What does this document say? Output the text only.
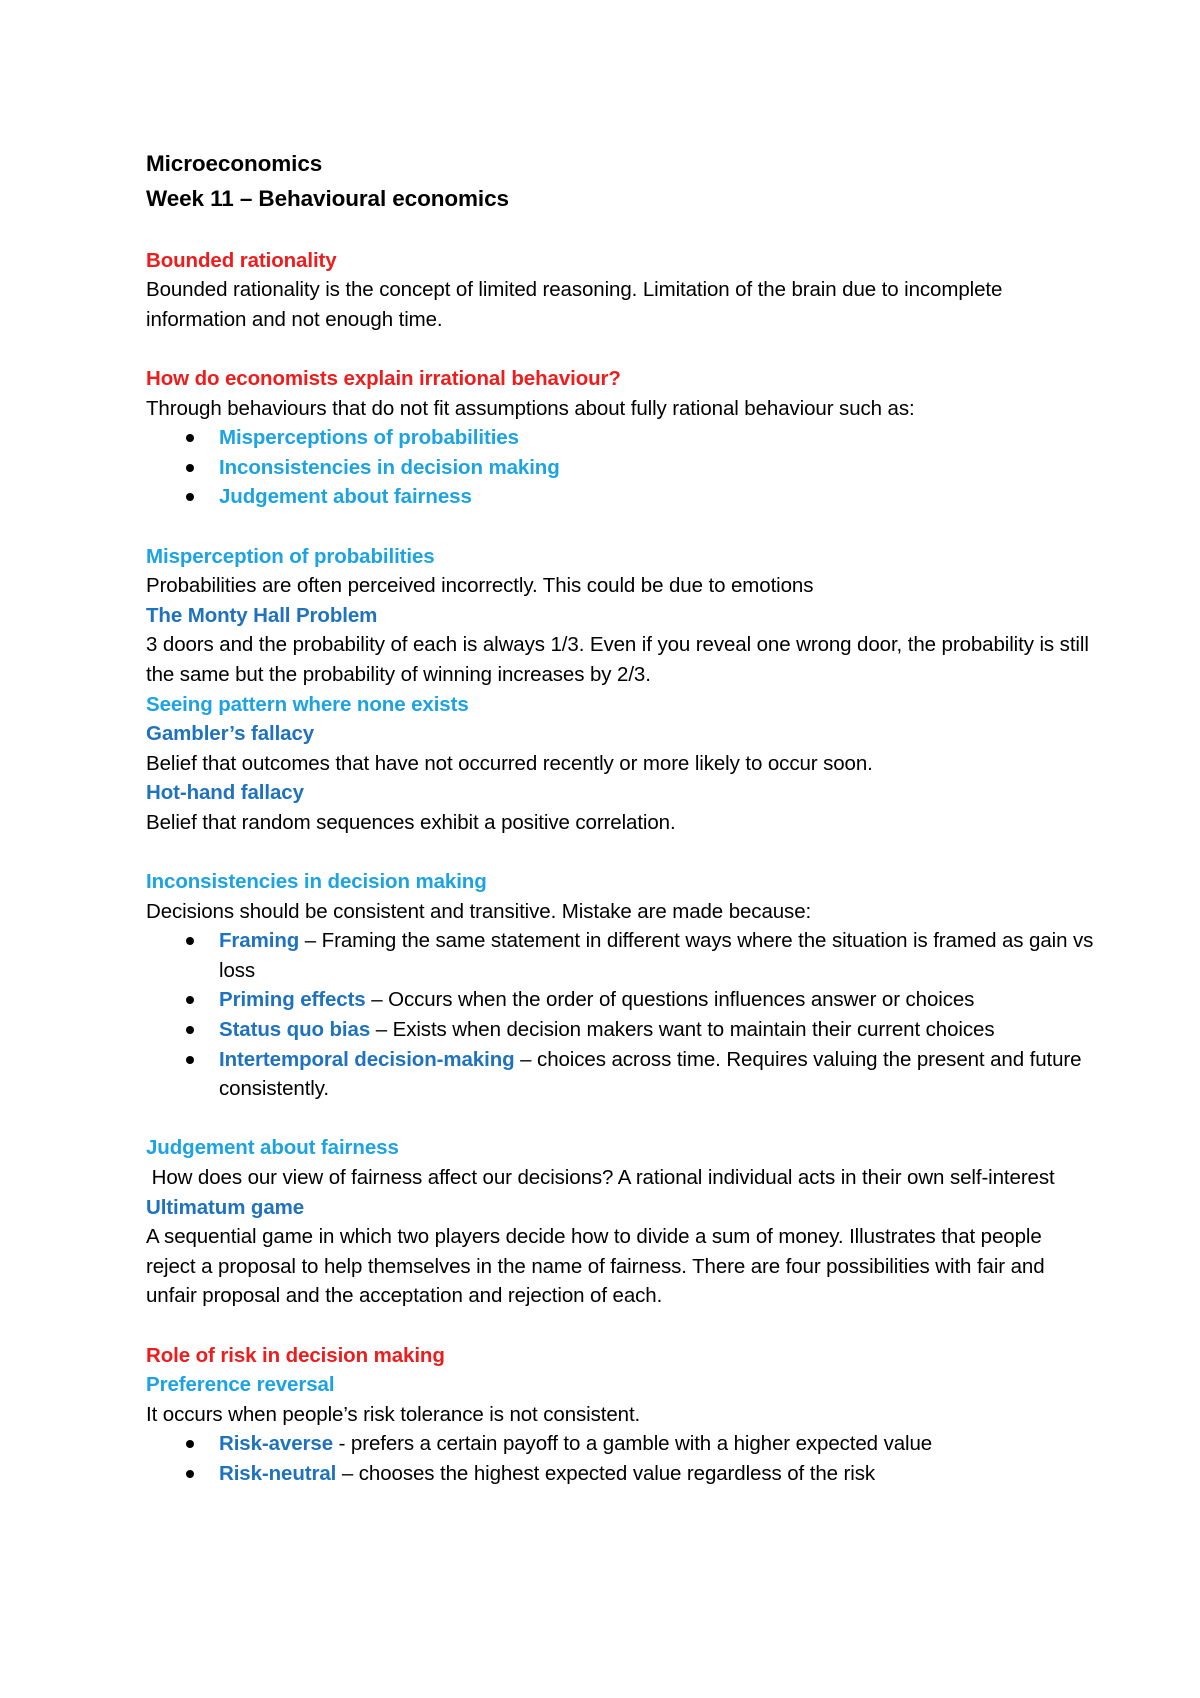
Microeconomics
Week 11 – Behavioural economics
Bounded rationality

Bounded rationality is the concept of limited reasoning. Limitation of the brain due to incomplete information and not enough time.

How do economists explain irrational behaviour?

Through behaviours that do not fit assumptions about fully rational behaviour such as:

Misperceptions of probabilities
Inconsistencies in decision making
Judgement about fairness
Misperception of probabilities

Probabilities are often perceived incorrectly. This could be due to emotions

The Monty Hall Problem

3 doors and the probability of each is always 1/3. Even if you reveal one wrong door, the probability is still the same but the probability of winning increases by 2/3.

Seeing pattern where none exists
Gambler’s fallacy

Belief that outcomes that have not occurred recently or more likely to occur soon.

Hot-hand fallacy

Belief that random sequences exhibit a positive correlation.

Inconsistencies in decision making

Decisions should be consistent and transitive. Mistake are made because:

Framing – Framing the same statement in different ways where the situation is framed as gain vs loss
Priming effects – Occurs when the order of questions influences answer or choices
Status quo bias – Exists when decision makers want to maintain their current choices
Intertemporal decision-making – choices across time. Requires valuing the present and future consistently.
Judgement about fairness

How does our view of fairness affect our decisions? A rational individual acts in their own self-interest

Ultimatum game

A sequential game in which two players decide how to divide a sum of money. Illustrates that people reject a proposal to help themselves in the name of fairness. There are four possibilities with fair and unfair proposal and the acceptation and rejection of each.

Role of risk in decision making
Preference reversal

It occurs when people’s risk tolerance is not consistent.

Risk-averse - prefers a certain payoff to a gamble with a higher expected value
Risk-neutral – chooses the highest expected value regardless of the risk
